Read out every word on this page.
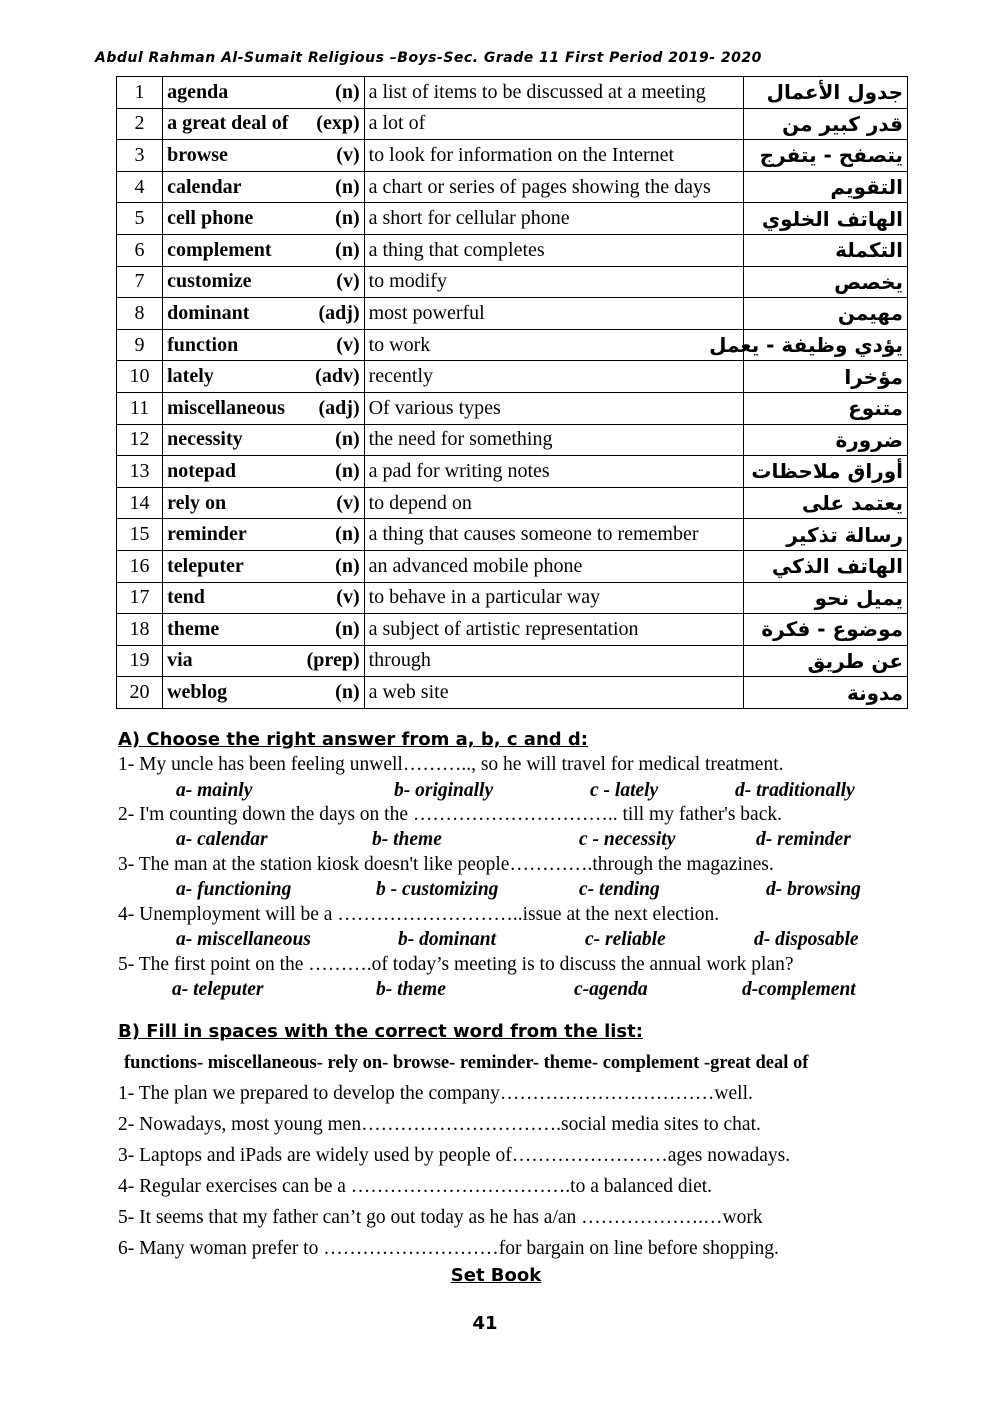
Abdul Rahman Al-Sumait Religious –Boys-Sec. Grade 11 First Period 2019- 2020
1	agenda (n)	a list of items to be discussed at a meeting	جدول الأعمال
2	a great deal of (exp)	a lot of	قدر كبير من
3	browse (v)	to look for information on the Internet	يتصفح - يتفرج
4	calendar (n)	a chart or series of pages showing the days	التقويم
5	cell phone (n)	a short for cellular phone	الهاتف الخلوي
6	complement (n)	a thing that completes	التكملة
7	customize (v)	to modify	يخصص
8	dominant (adj)	most powerful	مهيمن
9	function (v)	to work	يؤدي وظيفة - يعمل
10	lately (adv)	recently	مؤخرا
11	miscellaneous (adj)	Of various types	متنوع
12	necessity (n)	the need for something	ضرورة
13	notepad (n)	a pad for writing notes	أوراق ملاحظات
14	rely on (v)	to depend on	يعتمد على
15	reminder (n)	a thing that causes someone to remember	رسالة تذكير
16	teleputer (n)	an advanced mobile phone	الهاتف الذكي
17	tend (v)	to behave in a particular way	يميل نحو
18	theme (n)	a subject of artistic representation	موضوع - فكرة
19	via (prep)	through	عن طريق
20	weblog (n)	a web site	مدونة
A) Choose the right answer from a, b, c and d:
1- My uncle has been feeling unwell……….., so he will travel for medical treatment.
a- mainly	b- originally	c - lately	d- traditionally
2- I'm counting down the days on the ………………………….. till my father's back.
a- calendar	b- theme	c - necessity	d- reminder
3- The man at the station kiosk doesn't like people………….through the magazines.
a- functioning	b - customizing	c- tending	d- browsing
4- Unemployment will be a ………………………..issue at the next election.
a- miscellaneous	b- dominant	c- reliable	d- disposable
5- The first point on the ……….of today’s meeting is to discuss the annual work plan?
a- teleputer	b- theme	c-agenda	d-complement
B) Fill in spaces with the correct word from the list:
functions- miscellaneous- rely on- browse- reminder- theme- complement -great deal of
1- The plan we prepared to develop the company……………………………well.
2- Nowadays, most young men………………………….social media sites to chat.
3- Laptops and iPads are widely used by people of……………………ages nowadays.
4- Regular exercises can be a …………………………….to a balanced diet.
5- It seems that my father can’t go out today as he has a/an ……………….…work
6- Many woman prefer to ………………………for bargain on line before shopping.
Set Book
41
